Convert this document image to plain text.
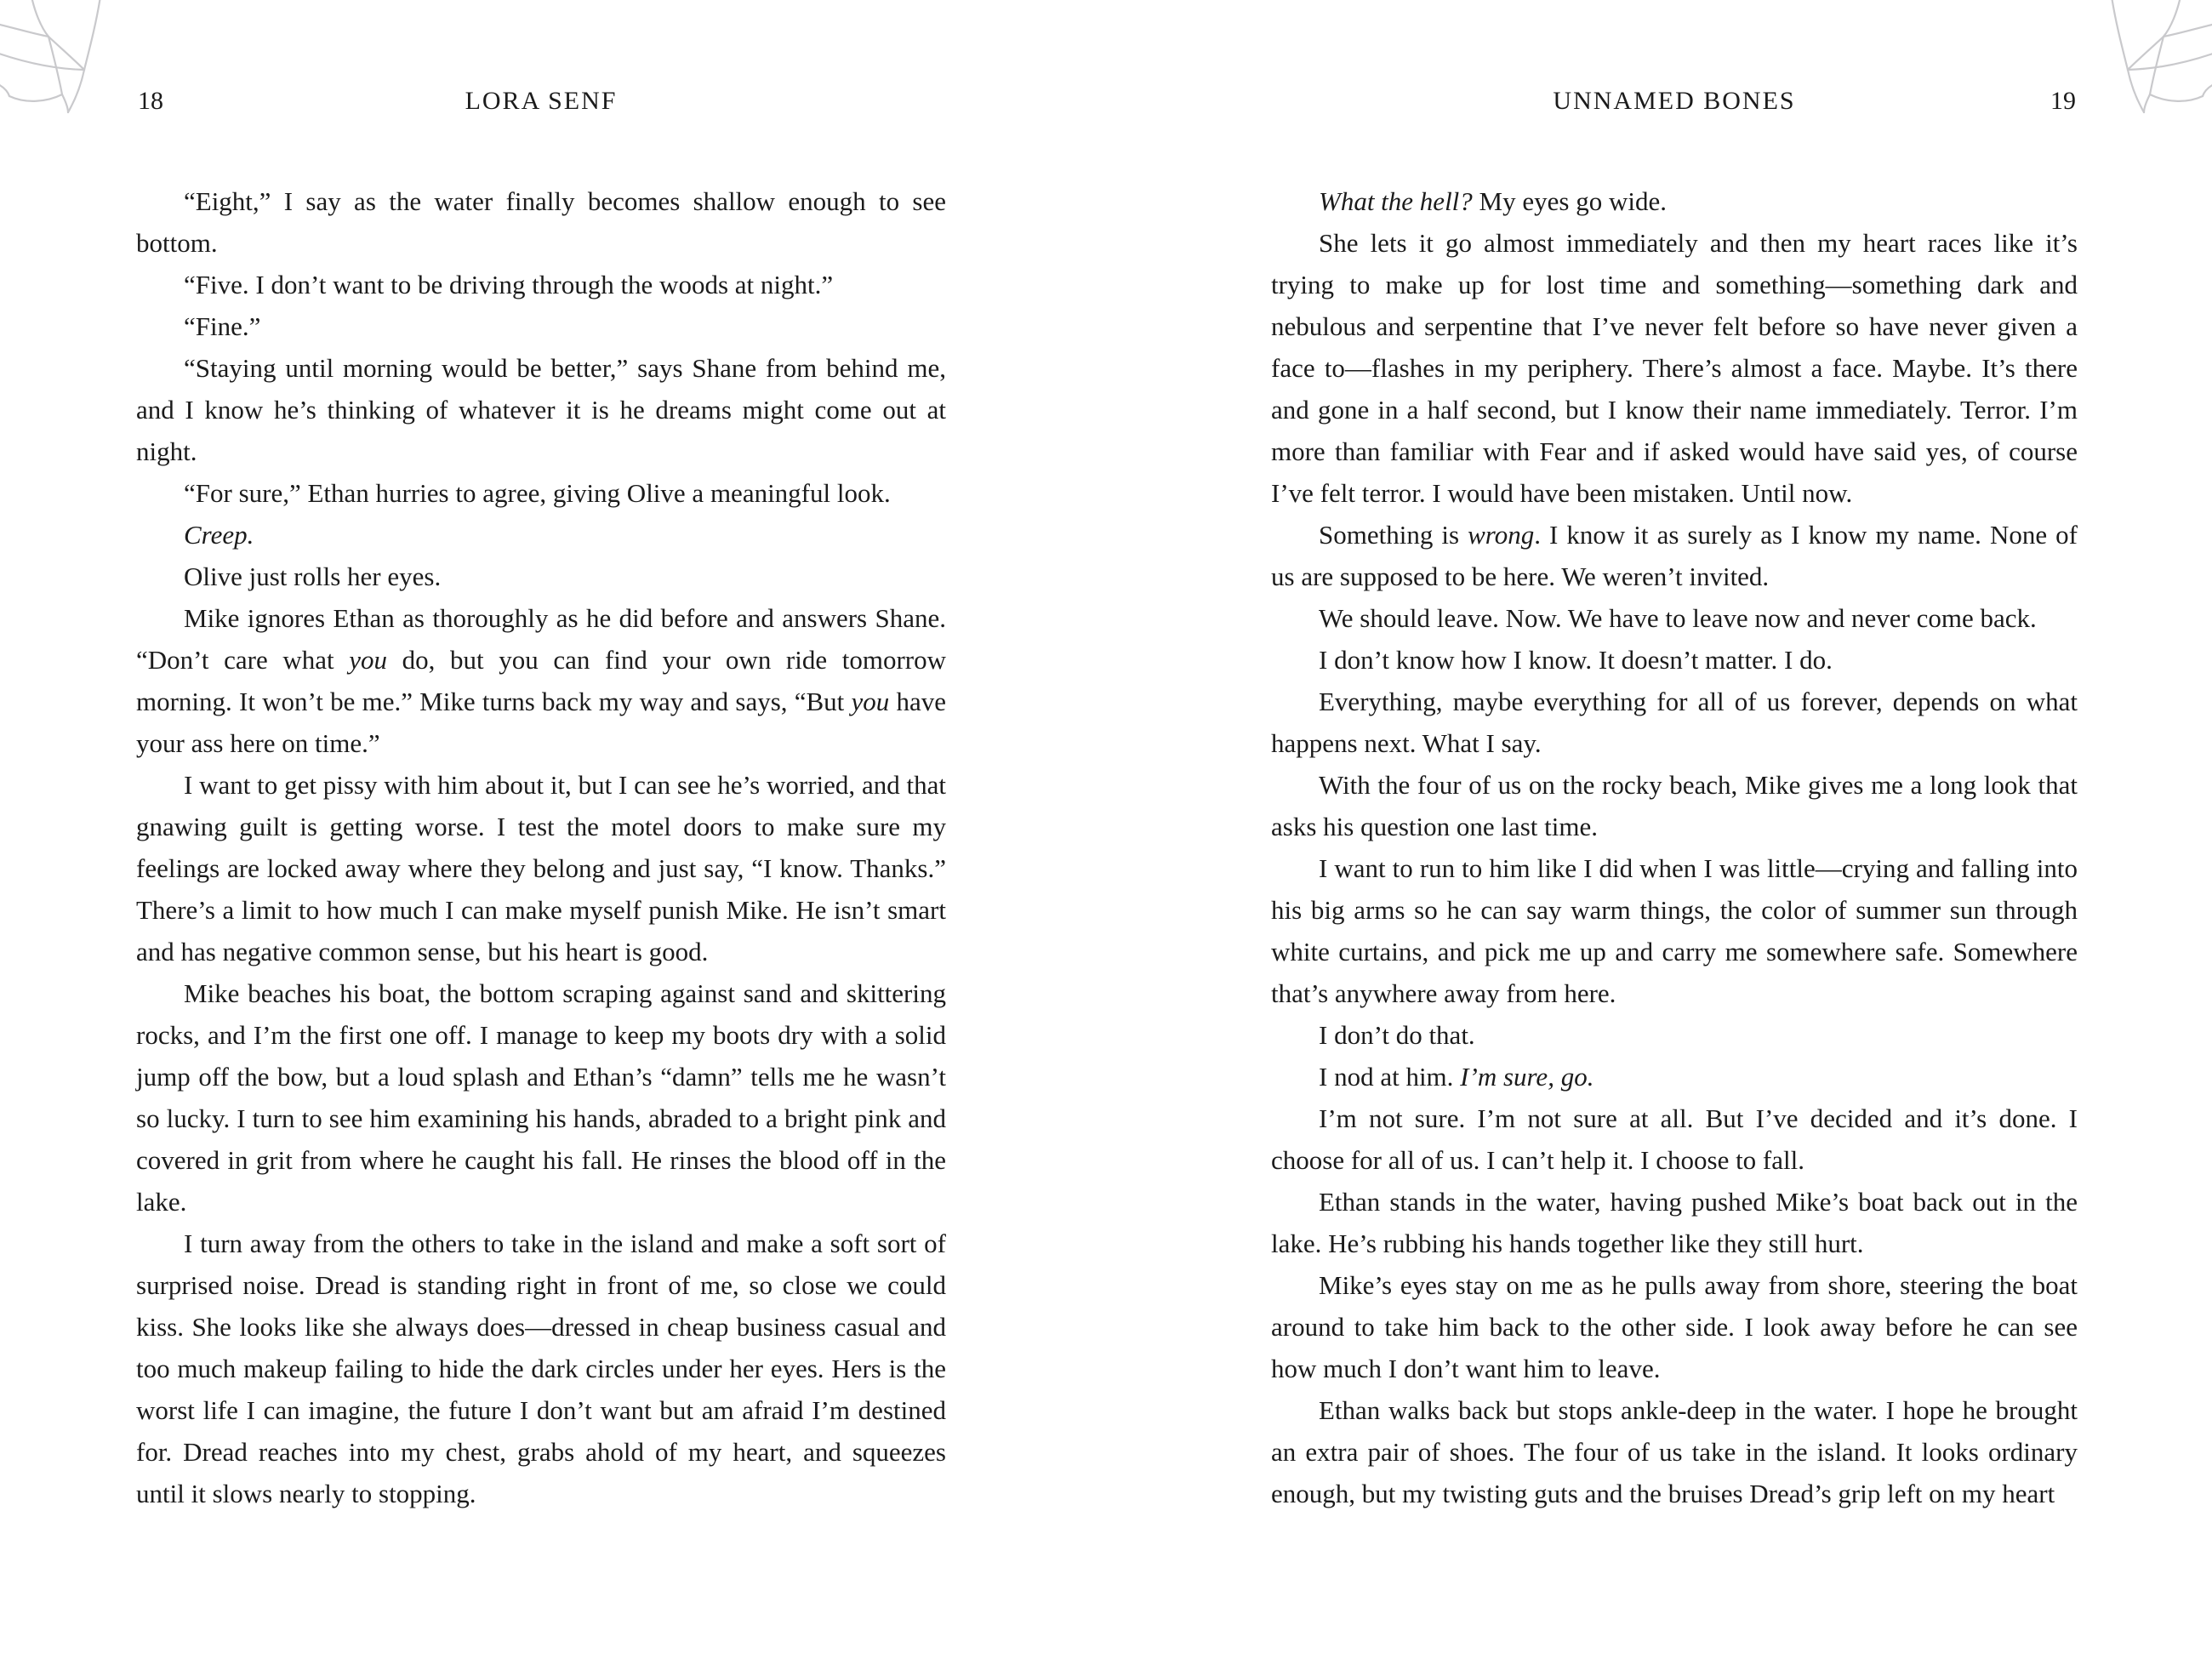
18	LORA SENF

“Eight,” I say as the water finally becomes shallow enough to see bottom.

“Five. I don’t want to be driving through the woods at night.”

“Fine.”

“Staying until morning would be better,” says Shane from behind me, and I know he’s thinking of whatever it is he dreams might come out at night.

“For sure,” Ethan hurries to agree, giving Olive a meaningful look.

Creep.

Olive just rolls her eyes.

Mike ignores Ethan as thoroughly as he did before and answers Shane. “Don’t care what you do, but you can find your own ride tomorrow morning. It won’t be me.” Mike turns back my way and says, “But you have your ass here on time.”

I want to get pissy with him about it, but I can see he’s worried, and that gnawing guilt is getting worse. I test the motel doors to make sure my feelings are locked away where they belong and just say, “I know. Thanks.” There’s a limit to how much I can make myself punish Mike. He isn’t smart and has negative common sense, but his heart is good.

Mike beaches his boat, the bottom scraping against sand and skittering rocks, and I’m the first one off. I manage to keep my boots dry with a solid jump off the bow, but a loud splash and Ethan’s “damn” tells me he wasn’t so lucky. I turn to see him examining his hands, abraded to a bright pink and covered in grit from where he caught his fall. He rinses the blood off in the lake.

I turn away from the others to take in the island and make a soft sort of surprised noise. Dread is standing right in front of me, so close we could kiss. She looks like she always does—dressed in cheap business casual and too much makeup failing to hide the dark circles under her eyes. Hers is the worst life I can imagine, the future I don’t want but am afraid I’m destined for. Dread reaches into my chest, grabs ahold of my heart, and squeezes until it slows nearly to stopping.

UNNAMED BONES	19

What the hell? My eyes go wide.

She lets it go almost immediately and then my heart races like it’s trying to make up for lost time and something—something dark and nebulous and serpentine that I’ve never felt before so have never given a face to—flashes in my periphery. There’s almost a face. Maybe. It’s there and gone in a half second, but I know their name immediately. Terror. I’m more than familiar with Fear and if asked would have said yes, of course I’ve felt terror. I would have been mistaken. Until now.

Something is wrong. I know it as surely as I know my name. None of us are supposed to be here. We weren’t invited.

We should leave. Now. We have to leave now and never come back.

I don’t know how I know. It doesn’t matter. I do.

Everything, maybe everything for all of us forever, depends on what happens next. What I say.

With the four of us on the rocky beach, Mike gives me a long look that asks his question one last time.

I want to run to him like I did when I was little—crying and falling into his big arms so he can say warm things, the color of summer sun through white curtains, and pick me up and carry me somewhere safe. Somewhere that’s anywhere away from here.

I don’t do that.

I nod at him. I’m sure, go.

I’m not sure. I’m not sure at all. But I’ve decided and it’s done. I choose for all of us. I can’t help it. I choose to fall.

Ethan stands in the water, having pushed Mike’s boat back out in the lake. He’s rubbing his hands together like they still hurt.

Mike’s eyes stay on me as he pulls away from shore, steering the boat around to take him back to the other side. I look away before he can see how much I don’t want him to leave.

Ethan walks back but stops ankle-deep in the water. I hope he brought an extra pair of shoes. The four of us take in the island. It looks ordinary enough, but my twisting guts and the bruises Dread’s grip left on my heart
